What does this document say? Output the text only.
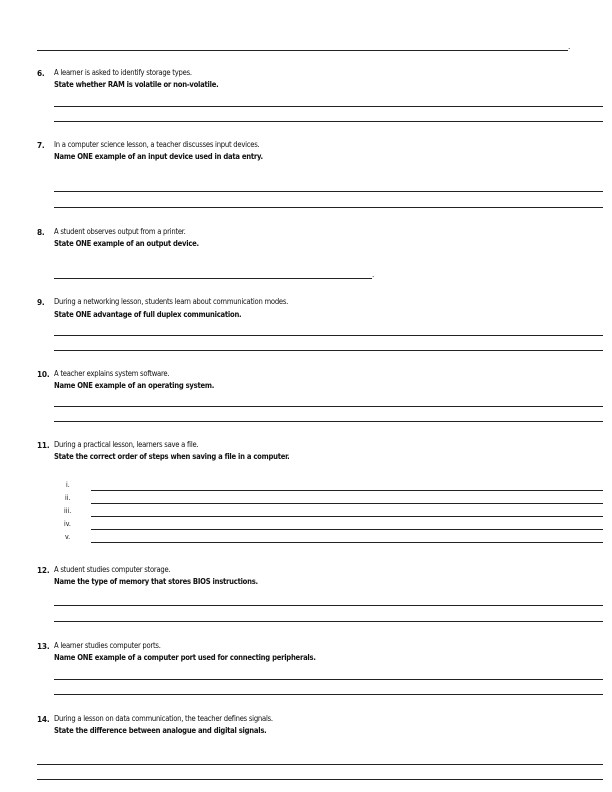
.
6. A learner is asked to identify storage types.
State whether RAM is volatile or non-volatile.
7. In a computer science lesson, a teacher discusses input devices.
Name ONE example of an input device used in data entry.
8. A student observes output from a printer.
State ONE example of an output device.
.
9. During a networking lesson, students learn about communication modes.
State ONE advantage of full duplex communication.
10. A teacher explains system software.
Name ONE example of an operating system.
11. During a practical lesson, learners save a file.
State the correct order of steps when saving a file in a computer.
i.
ii.
iii.
iv.
v.
12. A student studies computer storage.
Name the type of memory that stores BIOS instructions.
13. A learner studies computer ports.
Name ONE example of a computer port used for connecting peripherals.
14. During a lesson on data communication, the teacher defines signals.
State the difference between analogue and digital signals.
